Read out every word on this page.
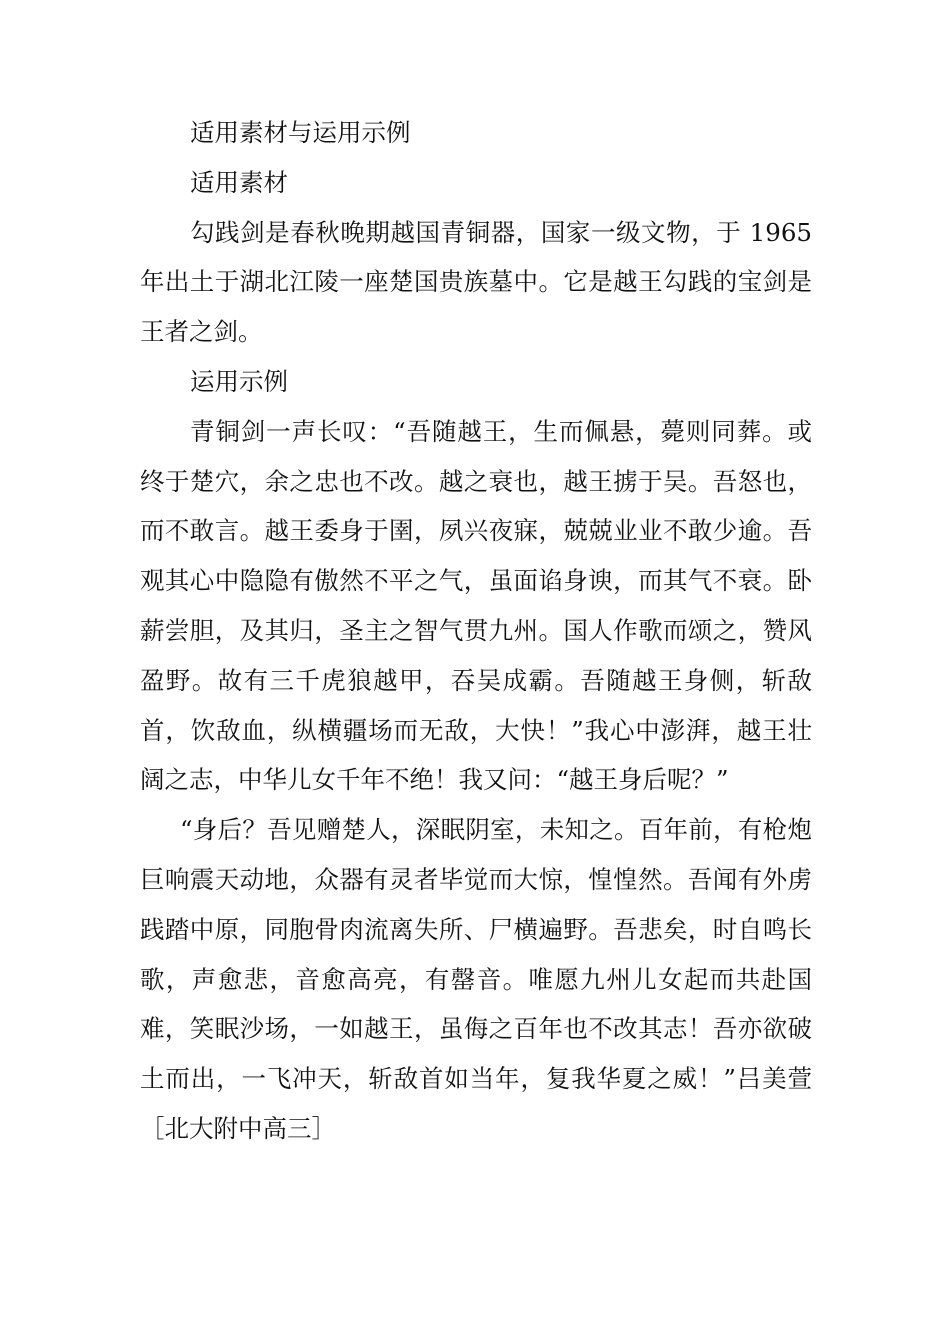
适用素材与运用示例

适用素材

勾践剑是春秋晚期越国青铜器，国家一级文物，于 1965 年出土于湖北江陵一座楚国贵族墓中。它是越王勾践的宝剑是王者之剑。

运用示例

青铜剑一声长叹：“吾随越王，生而佩悬，薨则同葬。或终于楚穴，余之忠也不改。越之衰也，越王掳于吴。吾怒也，而不敢言。越王委身于圉，夙兴夜寐，兢兢业业不敢少逾。吾观其心中隐隐有傲然不平之气，虽面谄身谀，而其气不衰。卧薪尝胆，及其归，圣主之智气贯九州。国人作歌而颂之，赞风盈野。故有三千虎狼越甲，吞吴成霸。吾随越王身侧，斩敌首，饮敌血，纵横疆场而无敌，大快！”我心中澎湃，越王壮阔之志，中华儿女千年不绝！我又问：“越王身后呢？”

“身后？吾见赠楚人，深眠阴室，未知之。百年前，有枪炮巨响震天动地，众器有灵者毕觉而大惊，惶惶然。吾闻有外虏践踏中原，同胞骨肉流离失所、尸横遍野。吾悲矣，时自鸣长歌，声愈悲，音愈高亮，有罄音。唯愿九州儿女起而共赴国难，笑眠沙场，一如越王，虽侮之百年也不改其志！吾亦欲破土而出，一飞冲天，斩敌首如当年，复我华夏之威！”吕美萱［北大附中高三］
